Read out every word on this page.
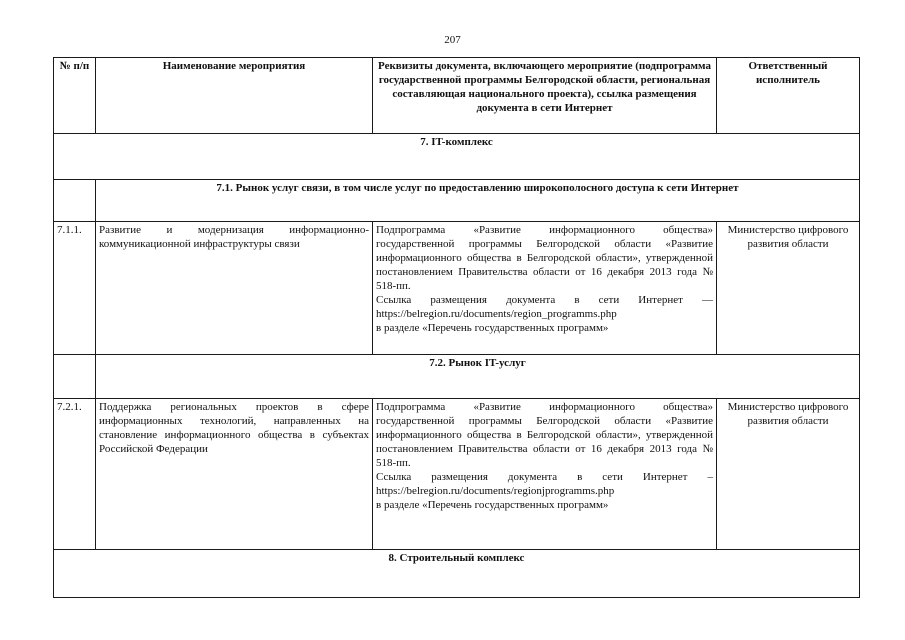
207
№ п/п	Наименование мероприятия	Реквизиты документа, включающего мероприятие (подпрограмма государственной программы Белгородской области, региональная составляющая национального проекта), ссылка размещения документа в сети Интернет	Ответственный исполнитель
7. IT-комплекс			
	7.1. Рынок услуг связи, в том числе услуг по предоставлению широкополосного доступа к сети Интернет		
7.1.1.	Развитие и модернизация информационно-коммуникационной инфраструктуры связи	Подпрограмма «Развитие информационного общества» государственной программы Белгородской области «Развитие информационного общества в Белгородской области», утвержденной постановлением Правительства области от 16 декабря 2013 года № 518-пп.
Ссылка размещения документа в сети Интернет — https://belregion.ru/documents/region_programms.php
в разделе «Перечень государственных программ»	Министерство цифрового развития области
	7.2. Рынок IT-услуг		
7.2.1.	Поддержка региональных проектов в сфере информационных технологий, направленных на становление информационного общества в субъектах Российской Федерации	Подпрограмма «Развитие информационного общества» государственной программы Белгородской области «Развитие информационного общества в Белгородской области», утвержденной постановлением Правительства области от 16 декабря 2013 года № 518-пп.
Ссылка размещения документа в сети Интернет – https://belregion.ru/documents/regionjprogramms.php
в разделе «Перечень государственных программ»	Министерство цифрового развития области
8. Строительный комплекс			
